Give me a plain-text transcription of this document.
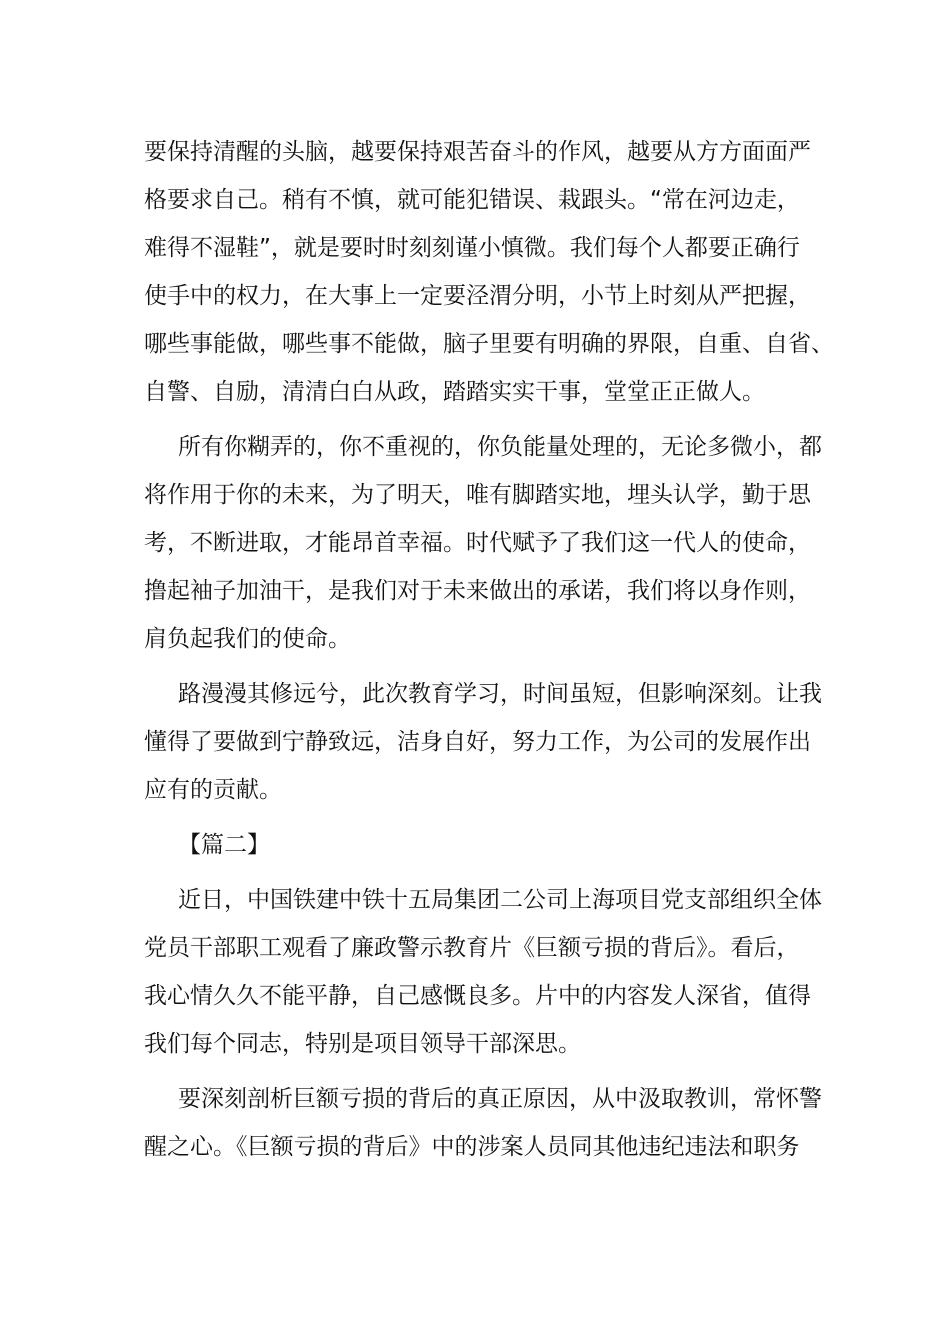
要保持清醒的头脑，越要保持艰苦奋斗的作风，越要从方方面面严
格要求自己。稍有不慎，就可能犯错误、栽跟头。“常在河边走，
难得不湿鞋”，就是要时时刻刻谨小慎微。我们每个人都要正确行
使手中的权力，在大事上一定要泾渭分明，小节上时刻从严把握，
哪些事能做，哪些事不能做，脑子里要有明确的界限，自重、自省、
自警、自励，清清白白从政，踏踏实实干事，堂堂正正做人。
所有你糊弄的，你不重视的，你负能量处理的，无论多微小，都
将作用于你的未来，为了明天，唯有脚踏实地，埋头认学，勤于思
考，不断进取，才能昂首幸福。时代赋予了我们这一代人的使命，
撸起袖子加油干，是我们对于未来做出的承诺，我们将以身作则，
肩负起我们的使命。
路漫漫其修远兮，此次教育学习，时间虽短，但影响深刻。让我
懂得了要做到宁静致远，洁身自好，努力工作，为公司的发展作出
应有的贡献。
【篇二】
近日，中国铁建中铁十五局集团二公司上海项目党支部组织全体
党员干部职工观看了廉政警示教育片《巨额亏损的背后》。看后，
我心情久久不能平静，自己感慨良多。片中的内容发人深省，值得
我们每个同志，特别是项目领导干部深思。
要深刻剖析巨额亏损的背后的真正原因，从中汲取教训，常怀警
醒之心。《巨额亏损的背后》中的涉案人员同其他违纪违法和职务
